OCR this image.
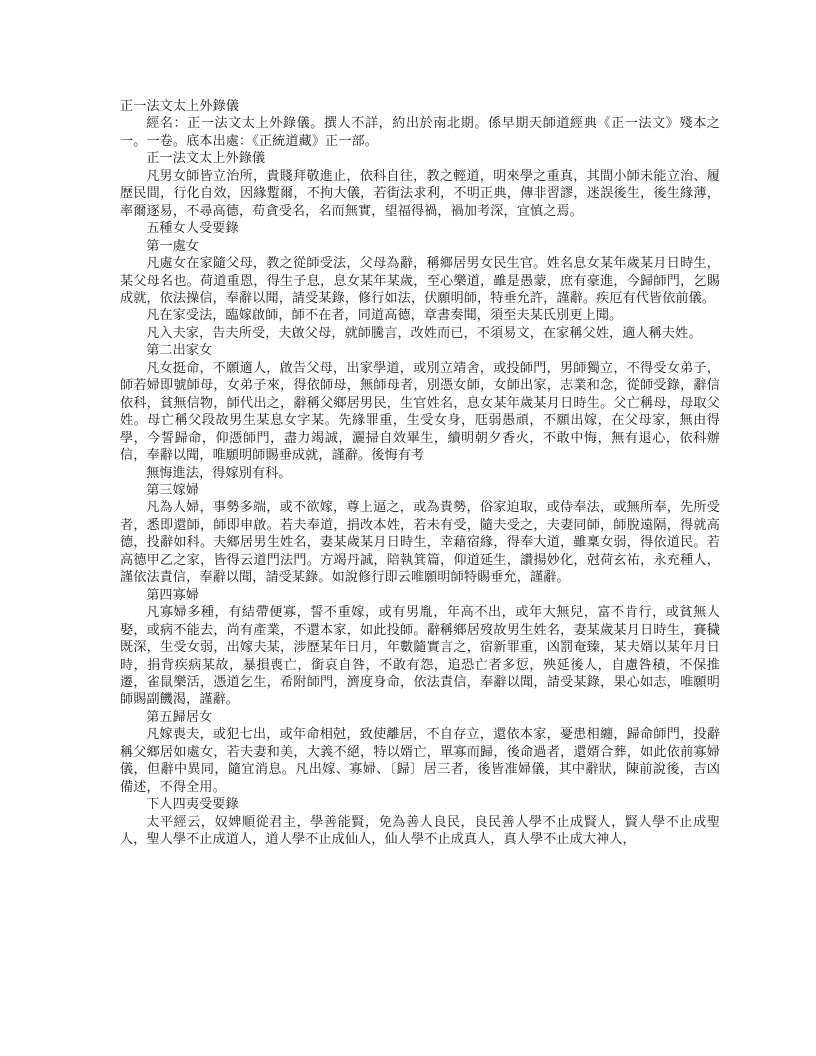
正一法文太上外錄儀

經名：正一法文太上外錄儀。撰人不詳，約出於南北期。係早期天師道經典《正一法文》殘本之一。一卷。底本出處：《正統道藏》正一部。

正一法文太上外錄儀

凡男女師皆立治所，貴賤拜敬進止，依科自往，教之輕道，明來學之重真，其間小師未能立治、履歷民間，行化自效，因緣蹔爾，不拘大儀，若街法求利，不明正典，傳非習謬，迷誤後生，後生緣薄，率爾逐易，不尋高德，苟貪受名，名而無實，望福得禍，禍加考深，宜慎之焉。

五種女人受要錄

第一處女

凡處女在家隨父母，教之從師受法，父母為辭，稱鄉居男女民生官。姓名息女某年歲某月日時生，某父母名也。荷道重恩，得生子息，息女某年某歲，至心樂道，雖是愚蒙，庶有豪進，今歸師門，乞賜成就，依法操信，奉辭以聞，請受某錄，修行如法，伏願明師，特垂允許，謹辭。疾厄有代皆依前儀。

凡在家受法，臨嫁啟師，師不在者，同道高德，章書奏聞，須至夫某氏別更上聞。

凡入夫家，告夫所受，夫啟父母，就師騰言，改姓而已，不須易文，在家稱父姓，適人稱夫姓。

第二出家女

凡女挺命，不願適人，啟告父母，出家學道，或別立靖舍，或投師門，男師獨立，不得受女弟子，師若婦即號師母，女弟子來，得依師母，無師母者，別憑女師，女師出家，志業和念，從師受錄，辭信依科，貧無信物，師代出之，辭稱父鄉居男民，生官姓名，息女某年歲某月日時生。父亡稱母，母取父姓。母亡稱父段故男生某息女字某。先緣罪重，生受女身，尫弱愚頑，不願出嫁，在父母家，無由得學，今誓歸命，仰憑師門，盡力竭誠，灑掃自效畢生，續明朝夕香火，不敢中悔，無有退心，依科辦信，奉辭以聞，唯願明師賜垂成就，謹辭。後悔有考

無悔進法，得嫁別有科。

第三嫁婦

凡為人婦，事勢多端，或不欲嫁，尊上逼之，或為貴勢，俗家迫取，或侍奉法，或無所奉，先所受者，悉即還師，師即申啟。若夫奉道，捐改本姓，若未有受，隨夫受之，夫妻同師，師脫遠隔，得就高德，投辭如科。夫鄉居男生姓名，妻某歲某月日時生，幸藉宿緣，得奉大道，雖稟女弱，得依道民。若高德甲乙之家，皆得云道門法門。方竭丹誠，陪執箕篇，仰道延生，讚揚妙化，尅荷玄祐，永充種人，謹依法責信，奉辭以聞，請受某錄。如說修行即云唯願明師特賜垂允，謹辭。

第四寡婦

凡寡婦多種，有結帶便寡，誓不重嫁，或有男胤，年高不出，或年大無兒，富不肯行，或貧無人娶，或病不能去，尚有產業，不還本家，如此投師。辭稱鄉居歿故男生姓名，妻某歲某月日時生，賽穢既深，生受女弱，出嫁夫某，涉歷某年日月，年數隨實言之，宿新罪重，凶罰奄臻，某夫婿以某年月日時，捐背疾病某故，暴損喪亡，銜哀自咎，不敢有怨，追恐亡者多愆，殃延後人，自慮咎積，不保推遷，雀鼠樂活，憑道乞生，希附師門，濟度身命，依法責信，奉辭以聞，請受某錄，果心如志，唯願明師賜副饑渴，謹辭。

第五歸居女

凡嫁喪夫，或犯七出，或年命相尅，致使離居，不自存立，還依本家，憂患相纏，歸命師門，投辭稱父鄉居如處女，若夫妻和美，大義不絕，特以婿亡，單寡而歸，後命過者，還婿合葬，如此依前寡婦儀，但辭中異同，隨宜消息。凡出嫁、寡婦、〔歸〕居三者，後皆准婦儀，其中辭狀，陳前說後，吉凶備述，不得全用。

下人四夷受要錄

太平經云，奴婢順從君主，學善能賢，免為善人良民，良民善人學不止成賢人，賢人學不止成聖人，聖人學不止成道人，道人學不止成仙人，仙人學不止成真人，真人學不止成大神人，
